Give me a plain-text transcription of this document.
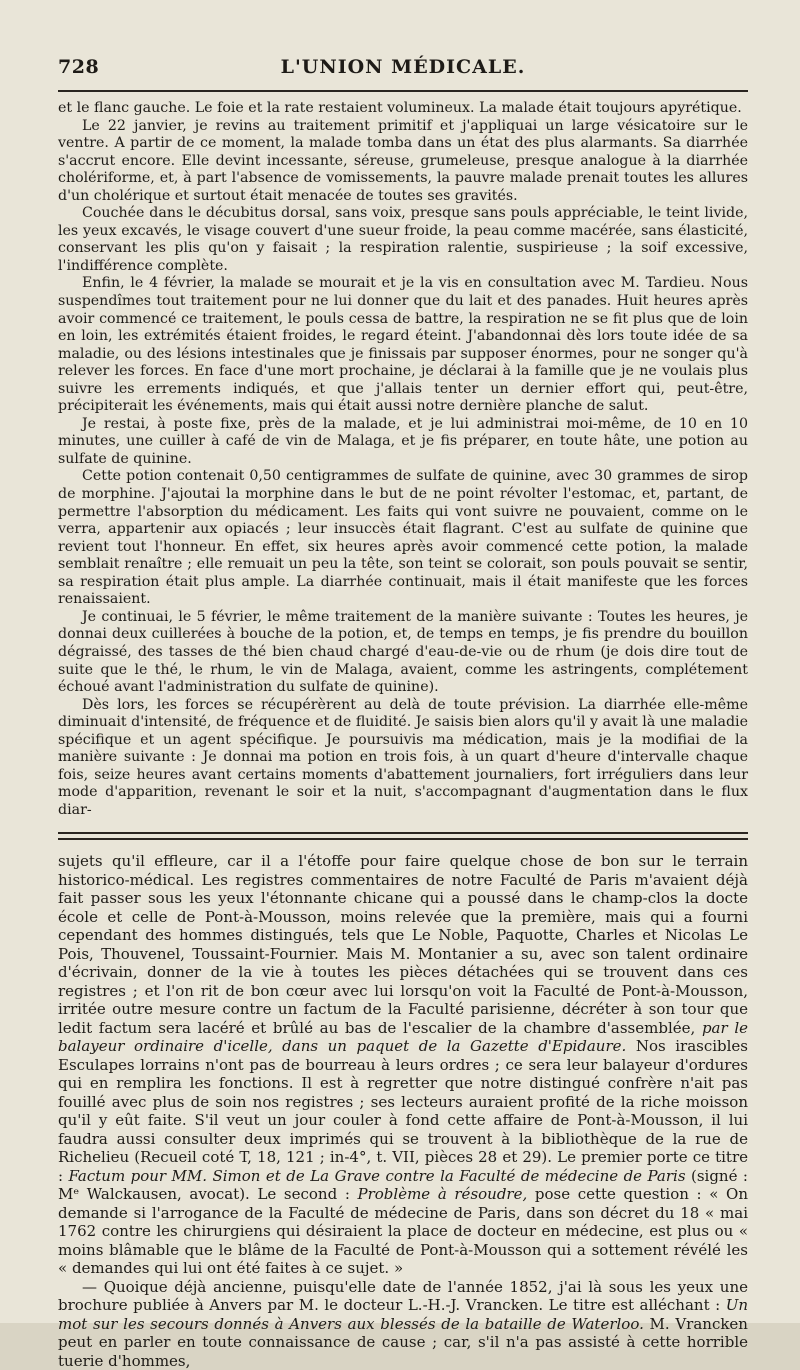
728	L'UNION MÉDICALE.

et le flanc gauche. Le foie et la rate restaient volumineux. La malade était toujours apyrétique.

Le 22 janvier, je revins au traitement primitif et j'appliquai un large vésicatoire sur le ventre. A partir de ce moment, la malade tomba dans un état des plus alarmants. Sa diarrhée s'accrut encore. Elle devint incessante, séreuse, grumeleuse, presque analogue à la diarrhée cholériforme, et, à part l'absence de vomissements, la pauvre malade prenait toutes les allures d'un cholérique et surtout était menacée de toutes ses gravités.

Couchée dans le décubitus dorsal, sans voix, presque sans pouls appréciable, le teint livide, les yeux excavés, le visage couvert d'une sueur froide, la peau comme macérée, sans élasticité, conservant les plis qu'on y faisait ; la respiration ralentie, suspirieuse ; la soif excessive, l'indifférence complète.

Enfin, le 4 février, la malade se mourait et je la vis en consultation avec M. Tardieu. Nous suspendîmes tout traitement pour ne lui donner que du lait et des panades. Huit heures après avoir commencé ce traitement, le pouls cessa de battre, la respiration ne se fit plus que de loin en loin, les extrémités étaient froides, le regard éteint. J'abandonnai dès lors toute idée de sa maladie, ou des lésions intestinales que je finissais par supposer énormes, pour ne songer qu'à relever les forces. En face d'une mort prochaine, je déclarai à la famille que je ne voulais plus suivre les errements indiqués, et que j'allais tenter un dernier effort qui, peut-être, précipiterait les événements, mais qui était aussi notre dernière planche de salut.

Je restai, à poste fixe, près de la malade, et je lui administrai moi-même, de 10 en 10 minutes, une cuiller à café de vin de Malaga, et je fis préparer, en toute hâte, une potion au sulfate de quinine.

Cette potion contenait 0,50 centigrammes de sulfate de quinine, avec 30 grammes de sirop de morphine. J'ajoutai la morphine dans le but de ne point révolter l'estomac, et, partant, de permettre l'absorption du médicament. Les faits qui vont suivre ne pouvaient, comme on le verra, appartenir aux opiacés ; leur insuccès était flagrant. C'est au sulfate de quinine que revient tout l'honneur. En effet, six heures après avoir commencé cette potion, la malade semblait renaître ; elle remuait un peu la tête, son teint se colorait, son pouls pouvait se sentir, sa respiration était plus ample. La diarrhée continuait, mais il était manifeste que les forces renaissaient.

Je continuai, le 5 février, le même traitement de la manière suivante : Toutes les heures, je donnai deux cuillerées à bouche de la potion, et, de temps en temps, je fis prendre du bouillon dégraissé, des tasses de thé bien chaud chargé d'eau-de-vie ou de rhum (je dois dire tout de suite que le thé, le rhum, le vin de Malaga, avaient, comme les astringents, complétement échoué avant l'administration du sulfate de quinine).

Dès lors, les forces se récupérèrent au delà de toute prévision. La diarrhée elle-même diminuait d'intensité, de fréquence et de fluidité. Je saisis bien alors qu'il y avait là une maladie spécifique et un agent spécifique. Je poursuivis ma médication, mais je la modifiai de la manière suivante : Je donnai ma potion en trois fois, à un quart d'heure d'intervalle chaque fois, seize heures avant certains moments d'abattement journaliers, fort irréguliers dans leur mode d'apparition, revenant le soir et la nuit, s'accompagnant d'augmentation dans le flux diar-

sujets qu'il effleure, car il a l'étoffe pour faire quelque chose de bon sur le terrain historico-médical. Les registres commentaires de notre Faculté de Paris m'avaient déjà fait passer sous les yeux l'étonnante chicane qui a poussé dans le champ-clos la docte école et celle de Pont-à-Mousson, moins relevée que la première, mais qui a fourni cependant des hommes distingués, tels que Le Noble, Paquotte, Charles et Nicolas Le Pois, Thouvenel, Toussaint-Fournier. Mais M. Montanier a su, avec son talent ordinaire d'écrivain, donner de la vie à toutes les pièces détachées qui se trouvent dans ces registres ; et l'on rit de bon cœur avec lui lorsqu'on voit la Faculté de Pont-à-Mousson, irritée outre mesure contre un factum de la Faculté parisienne, décréter à son tour que ledit factum sera lacéré et brûlé au bas de l'escalier de la chambre d'assemblée, par le balayeur ordinaire d'icelle, dans un paquet de la Gazette d'Epidaure. Nos irascibles Esculapes lorrains n'ont pas de bourreau à leurs ordres ; ce sera leur balayeur d'ordures qui en remplira les fonctions. Il est à regretter que notre distingué confrère n'ait pas fouillé avec plus de soin nos registres ; ses lecteurs auraient profité de la riche moisson qu'il y eût faite. S'il veut un jour couler à fond cette affaire de Pont-à-Mousson, il lui faudra aussi consulter deux imprimés qui se trouvent à la bibliothèque de la rue de Richelieu (Recueil coté T, 18, 121 ; in-4°, t. VII, pièces 28 et 29). Le premier porte ce titre : Factum pour MM. Simon et de La Grave contre la Faculté de médecine de Paris (signé : Mᵉ Walckausen, avocat). Le second : Problème à résoudre, pose cette question : « On demande si l'arrogance de la Faculté de médecine de Paris, dans son décret du 18 « mai 1762 contre les chirurgiens qui désiraient la place de docteur en médecine, est plus ou « moins blâmable que le blâme de la Faculté de Pont-à-Mousson qui a sottement révélé les « demandes qui lui ont été faites à ce sujet. »

— Quoique déjà ancienne, puisqu'elle date de l'année 1852, j'ai là sous les yeux une brochure publiée à Anvers par M. le docteur L.-H.-J. Vrancken. Le titre est alléchant : Un mot sur les secours donnés à Anvers aux blessés de la bataille de Waterloo. M. Vrancken peut en parler en toute connaissance de cause ; car, s'il n'a pas assisté à cette horrible tuerie d'hommes,
